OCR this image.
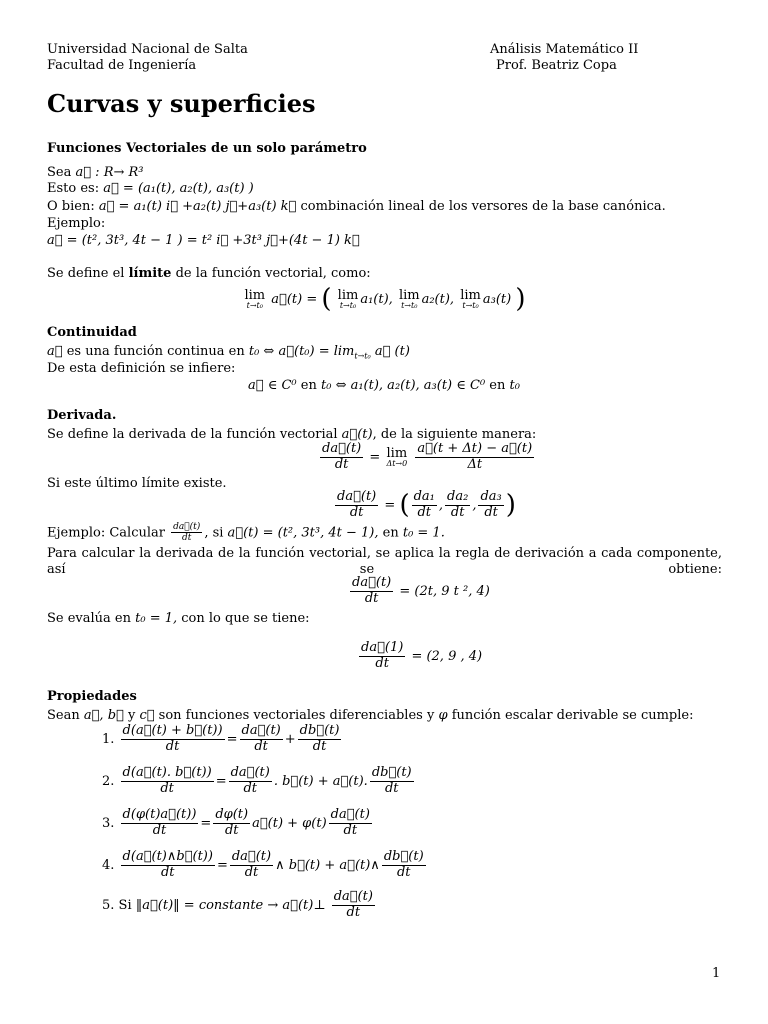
Universidad Nacional de Salta
Facultad de Ingeniería
Análisis Matemático II
Prof. Beatriz Copa
Curvas y superficies
Funciones Vectoriales de un solo parámetro
Sea a⃗ : R→ R³
Esto es: a⃗ = (a₁(t), a₂(t), a₃(t) )
O bien: a⃗ = a₁(t) i⃗ +a₂(t) j⃗+a₃(t) k⃗ combinación lineal de los versores de la base canónica.
Ejemplo:
a⃗ = (t², 3t³, 4t − 1 ) = t² i⃗ +3t³ j⃗+(4t − 1) k⃗
Se define el límite de la función vectorial, como:
lim
t→t₀ a⃗(t) = ( lim
t→t₀ a₁(t), lim
t→t₀ a₂(t), lim
t→t₀ a₃(t) )
Continuidad
a⃗ es una función continua en t₀ ⇔ a⃗(t₀) = $\lim_{t\to t_0}$ a⃗ (t)
De esta definición se infiere:
a⃗ ∈ C⁰ en t₀ ⇔ a₁(t), a₂(t), a₃(t) ∈ C⁰ en t₀
Derivada.
Se define la derivada de la función vectorial a⃗(t), de la siguiente manera:
$\frac{da⃗(t)}{dt} = \lim$
Δt→0
$\frac{a⃗(t + \Delta t) - a⃗(t)}{\Delta t}$
Si este último límite existe.
$\frac{da⃗(t)}{dt}$ = ( $\frac{\text{da₁}}{dt}$ , $\frac{\text{da₂}}{dt}$ , $\frac{\text{da₃}}{dt}$ )
Ejemplo: Calcular $\frac{da⃗(t)}{dt}$ , si a⃗(t) = (t², 3t³, 4t − 1), en t₀ = 1.
Para calcular la derivada de la función vectorial, se aplica la regla de derivación a cada componente, así se obtiene:
$\frac{da⃗(t)}{dt} = (2t$, 9 t ², 4)
Se evalúa en t₀ = 1, con lo que se tiene:
$\frac{da⃗(1)}{dt} = (2$, 9 , 4)
Propiedades
Sean a⃗, b⃗ y c⃗ son funciones vectoriales diferenciables y φ función escalar derivable se cumple:
1. $\frac{d(a⃗(t) + b⃗(t))}{dt} = \frac{da⃗(t)}{dt} + \frac{db⃗(t)}{dt}$
2. $\frac{d(a⃗(t). b⃗(t))}{dt} = \frac{da⃗(t)}{dt}$ . b⃗(t) + a⃗(t). $\frac{db⃗(t)}{dt}$
3. $\frac{d(\varphi(t)a⃗(t))}{dt} = \frac{d\varphi(t)}{dt}$ a⃗(t) + $\varphi(t) \frac{da⃗(t)}{dt}$
4. $\frac{d(a⃗(t)\wedge b⃗(t))}{dt} = \frac{da⃗(t)}{dt}$ ∧ b⃗(t) + a⃗(t)∧ $\frac{db⃗(t)}{dt}$
5. Si ‖a⃗(t)‖ = constante → a⃗(t)⊥ $\frac{da⃗(t)}{dt}$
1
